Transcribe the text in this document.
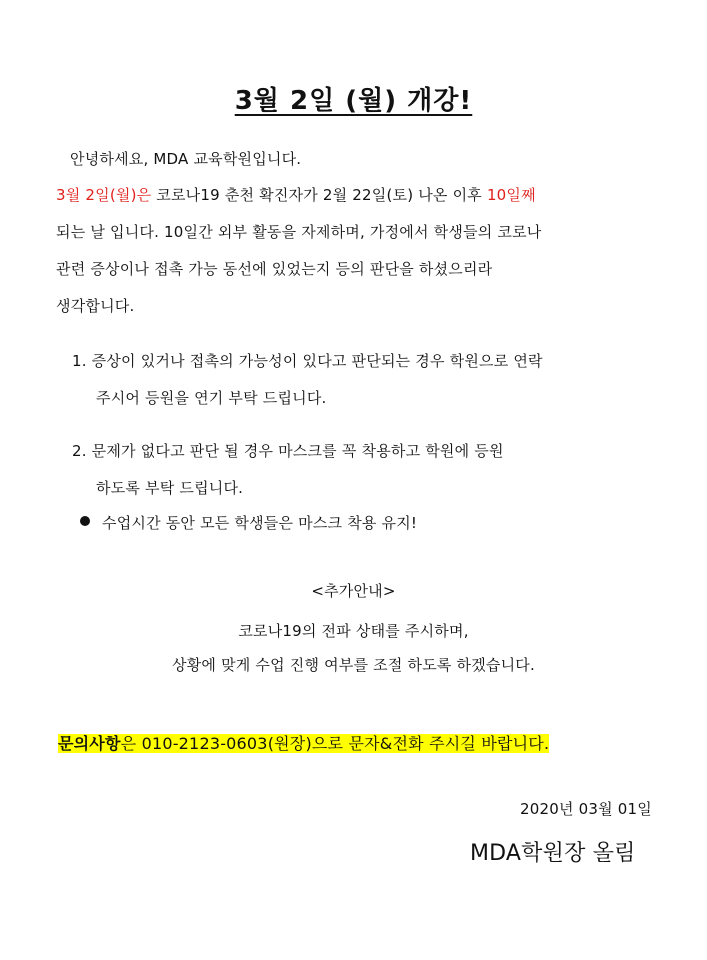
3월 2일 (월) 개강!
안녕하세요, MDA 교육학원입니다.
3월 2일(월)은 코로나19 춘천 확진자가 2월 22일(토) 나온 이후 10일째
되는 날 입니다. 10일간 외부 활동을 자제하며, 가정에서 학생들의 코로나
관련 증상이나 접촉 가능 동선에 있었는지 등의 판단을 하셨으리라
생각합니다.
1. 증상이 있거나 접촉의 가능성이 있다고 판단되는 경우 학원으로 연락
주시어 등원을 연기 부탁 드립니다.
2. 문제가 없다고 판단 될 경우 마스크를 꼭 착용하고 학원에 등원
하도록 부탁 드립니다.
수업시간 동안 모든 학생들은 마스크 착용 유지!
<추가안내>
코로나19의 전파 상태를 주시하며,
상황에 맞게 수업 진행 여부를 조절 하도록 하겠습니다.
문의사항은 010-2123-0603(원장)으로 문자&전화 주시길 바랍니다.
2020년 03월 01일
MDA학원장 올림
